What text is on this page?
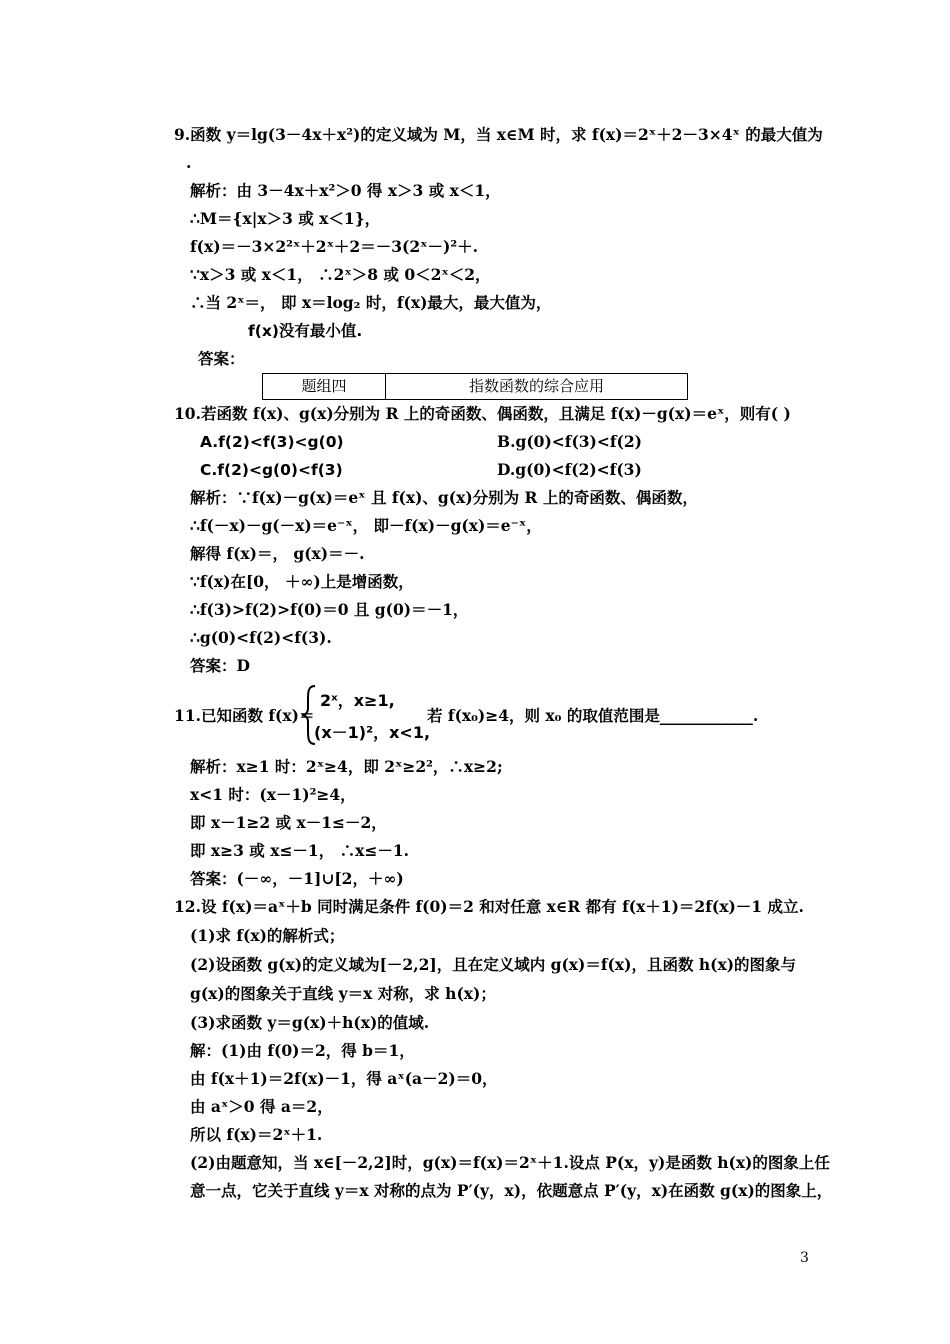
9.函数 y＝lg(3－4x＋x²)的定义域为 M，当 x∈M 时，求 f(x)＝2ˣ＋2－3×4ˣ 的最大值为
.
解析：由 3－4x＋x²＞0 得 x＞3 或 x＜1，
∴M＝{x|x＞3 或 x＜1}，
f(x)＝－3×2²ˣ＋2ˣ＋2＝－3(2ˣ－)²＋.
∵x＞3 或 x＜1， ∴2ˣ＞8 或 0＜2ˣ＜2，
∴当 2ˣ＝， 即 x＝log₂ 时，f(x)最大，最大值为，
f(x)没有最小值.
答案：
题组四	指数函数的综合应用
10.若函数 f(x)、g(x)分别为 R 上的奇函数、偶函数，且满足 f(x)－g(x)＝eˣ，则有( )
A.f(2)<f(3)<g(0)	B.g(0)<f(3)<f(2)
C.f(2)<g(0)<f(3)	D.g(0)<f(2)<f(3)
解析：∵f(x)－g(x)＝eˣ 且 f(x)、g(x)分别为 R 上的奇函数、偶函数，
∴f(－x)－g(－x)＝e⁻ˣ， 即－f(x)－g(x)＝e⁻ˣ，
解得 f(x)＝， g(x)＝－.
∵f(x)在[0， ＋∞)上是增函数，
∴f(3)>f(2)>f(0)＝0 且 g(0)＝－1，
∴g(0)<f(2)<f(3).
答案：D
11.已知函数 f(x)＝
2ˣ，x≥1,
(x－1)²，x<1,
若 f(x₀)≥4，则 x₀ 的取值范围是____________.
解析：x≥1 时：2ˣ≥4，即 2ˣ≥2²，∴x≥2;
x<1 时：(x－1)²≥4，
即 x－1≥2 或 x－1≤－2，
即 x≥3 或 x≤－1， ∴x≤－1.
答案：(－∞，－1]∪[2，＋∞)
12.设 f(x)＝aˣ＋b 同时满足条件 f(0)＝2 和对任意 x∈R 都有 f(x＋1)＝2f(x)－1 成立.
(1)求 f(x)的解析式；
(2)设函数 g(x)的定义域为[－2,2]，且在定义域内 g(x)＝f(x)，且函数 h(x)的图象与
g(x)的图象关于直线 y＝x 对称，求 h(x)；
(3)求函数 y＝g(x)＋h(x)的值域.
解：(1)由 f(0)＝2，得 b＝1，
由 f(x＋1)＝2f(x)－1，得 aˣ(a－2)＝0，
由 aˣ＞0 得 a＝2，
所以 f(x)＝2ˣ＋1.
(2)由题意知，当 x∈[－2,2]时，g(x)＝f(x)＝2ˣ＋1.设点 P(x，y)是函数 h(x)的图象上任
意一点，它关于直线 y＝x 对称的点为 P′(y，x)，依题意点 P′(y，x)在函数 g(x)的图象上，
3
